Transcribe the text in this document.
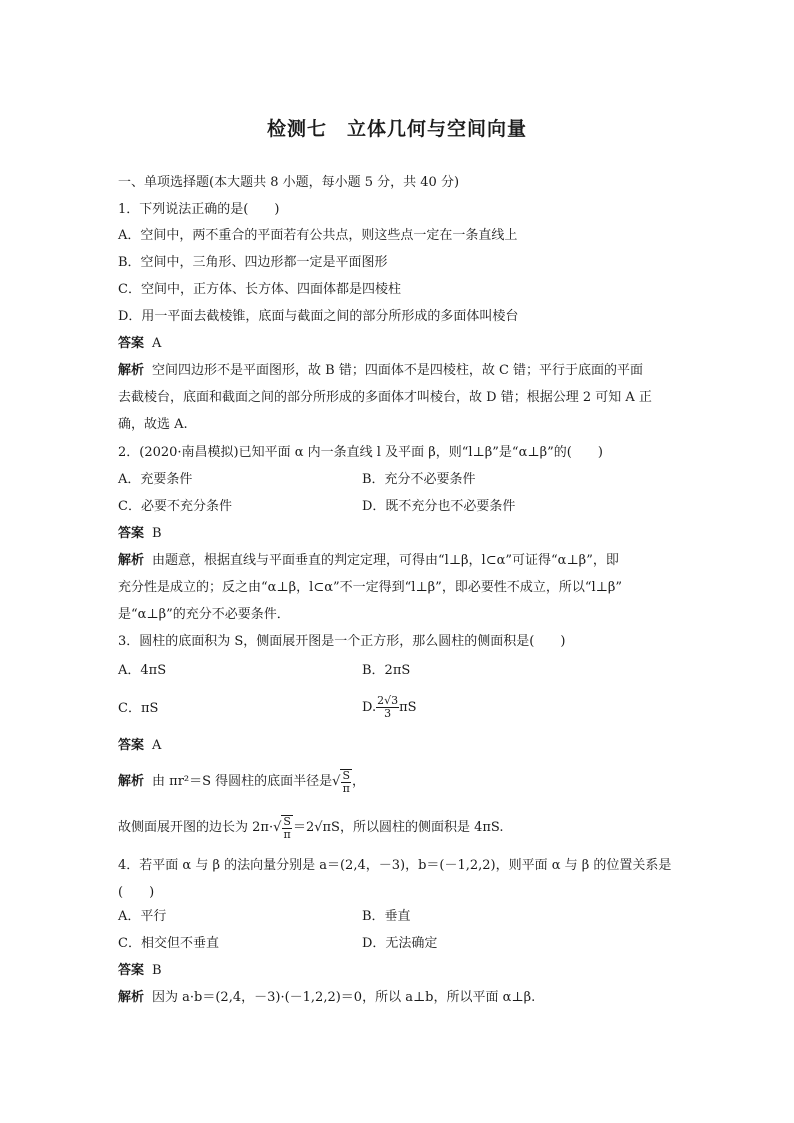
检测七　立体几何与空间向量
一、单项选择题(本大题共 8 小题，每小题 5 分，共 40 分)
1．下列说法正确的是(　　)
A．空间中，两不重合的平面若有公共点，则这些点一定在一条直线上
B．空间中，三角形、四边形都一定是平面图形
C．空间中，正方体、长方体、四面体都是四棱柱
D．用一平面去截棱锥，底面与截面之间的部分所形成的多面体叫棱台
答案 A
解析 空间四边形不是平面图形，故 B 错；四面体不是四棱柱，故 C 错；平行于底面的平面
去截棱台，底面和截面之间的部分所形成的多面体才叫棱台，故 D 错；根据公理 2 可知 A 正
确，故选 A.
2．(2020·南昌模拟)已知平面 α 内一条直线 l 及平面 β，则“l⊥β”是“α⊥β”的(　　)
A．充要条件	B．充分不必要条件
C．必要不充分条件	D．既不充分也不必要条件
答案 B
解析 由题意，根据直线与平面垂直的判定定理，可得由“l⊥β，l⊂α”可证得“α⊥β”，即
充分性是成立的；反之由“α⊥β，l⊂α”不一定得到“l⊥β”，即必要性不成立，所以“l⊥β”
是“α⊥β”的充分不必要条件．
3．圆柱的底面积为 S，侧面展开图是一个正方形，那么圆柱的侧面积是(　　)
A．4πS	B．2πS
C．πS	D. $\frac{2√3}{3}$ πS
答案 A
解析 由 πr²＝S 得圆柱的底面半径是√ $\frac{S}{\pi}$ ，
故侧面展开图的边长为 $2\pi\cdot√ \frac{S}{\pi} =2√\pi S$，所以圆柱的侧面积是 4πS.
4．若平面 α 与 β 的法向量分别是 a＝(2,4，－3)，b＝(－1,2,2)，则平面 α 与 β 的位置关系是
(　　)
A．平行	B．垂直
C．相交但不垂直	D．无法确定
答案 B
解析 因为 a·b＝(2,4，－3)·(－1,2,2)＝0，所以 a⊥b，所以平面 α⊥β.
